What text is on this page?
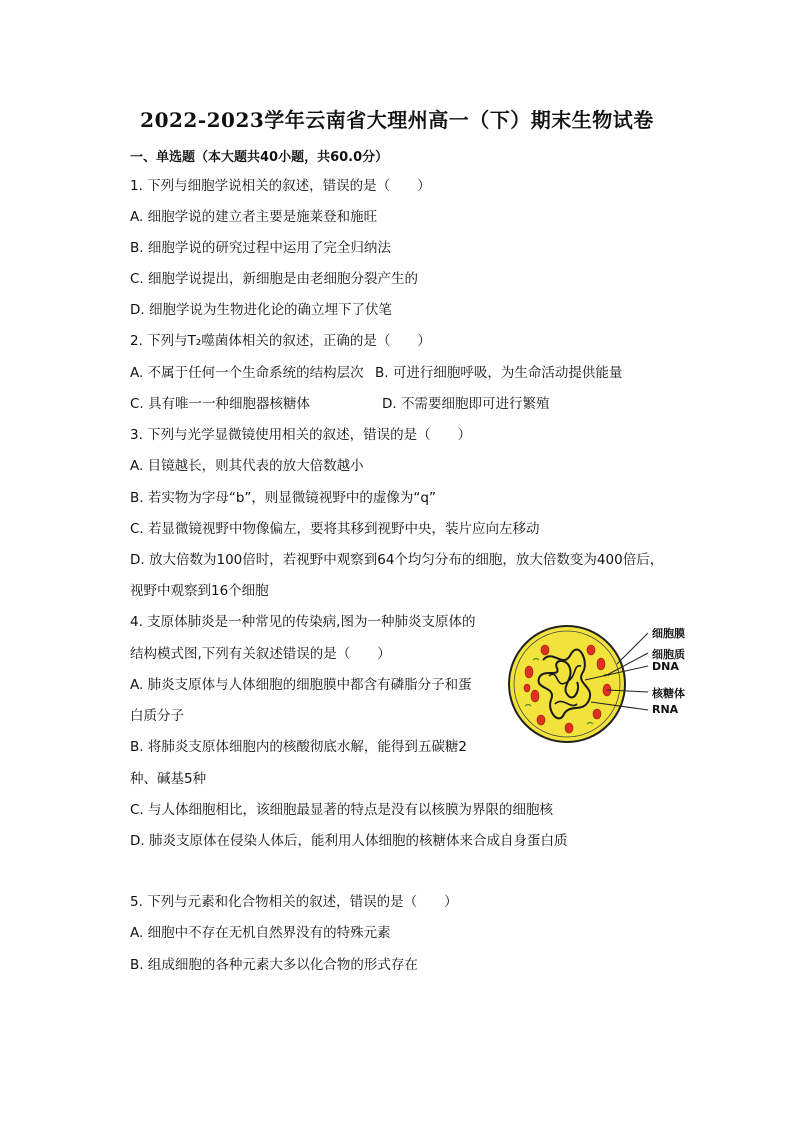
2022-2023学年云南省大理州高一（下）期末生物试卷
一、单选题（本大题共40小题，共60.0分）
1. 下列与细胞学说相关的叙述，错误的是（　　）
A. 细胞学说的建立者主要是施莱登和施旺
B. 细胞学说的研究过程中运用了完全归纳法
C. 细胞学说提出，新细胞是由老细胞分裂产生的
D. 细胞学说为生物进化论的确立埋下了伏笔
2. 下列与T₂噬菌体相关的叙述，正确的是（　　）
A. 不属于任何一个生命系统的结构层次 B. 可进行细胞呼吸，为生命活动提供能量
C. 具有唯一一种细胞器核糖体	D. 不需要细胞即可进行繁殖
3. 下列与光学显微镜使用相关的叙述，错误的是（　　）
A. 目镜越长，则其代表的放大倍数越小
B. 若实物为字母“b”，则显微镜视野中的虚像为“q”
C. 若显微镜视野中物像偏左，要将其移到视野中央，装片应向左移动
D. 放大倍数为100倍时，若视野中观察到64个均匀分布的细胞，放大倍数变为400倍后，
视野中观察到16个细胞
4. 支原体肺炎是一种常见的传染病,图为一种肺炎支原体的
结构模式图,下列有关叙述错误的是（　　）
A. 肺炎支原体与人体细胞的细胞膜中都含有磷脂分子和蛋
白质分子
B. 将肺炎支原体细胞内的核酸彻底水解，能得到五碳糖2
种、碱基5种
C. 与人体细胞相比，该细胞最显著的特点是没有以核膜为界限的细胞核
D. 肺炎支原体在侵染人体后，能利用人体细胞的核糖体来合成自身蛋白质
细胞膜
细胞质
DNA
核糖体
RNA
5. 下列与元素和化合物相关的叙述，错误的是（　　）
A. 细胞中不存在无机自然界没有的特殊元素
B. 组成细胞的各种元素大多以化合物的形式存在
